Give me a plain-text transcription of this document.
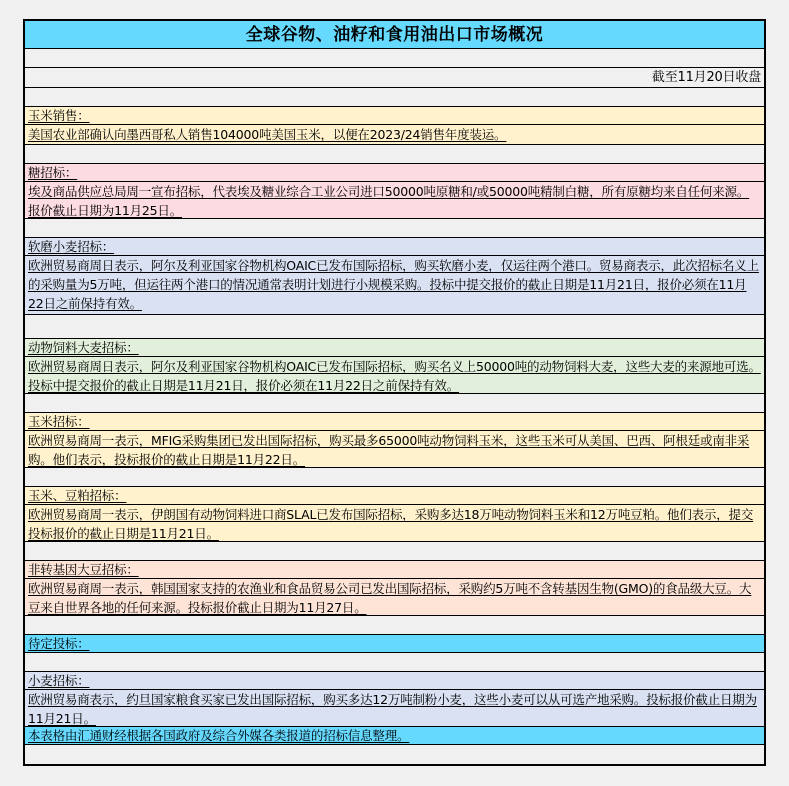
全球谷物、油籽和食用油出口市场概况
截至11月20日收盘
玉米销售：
美国农业部确认向墨西哥私人销售104000吨美国玉米，以便在2023/24销售年度装运。
糖招标：
埃及商品供应总局周一宣布招标，代表埃及糖业综合工业公司进口50000吨原糖和/或50000吨精制白糖，所有原糖均来自任何来源。报价截止日期为11月25日。
软磨小麦招标：
欧洲贸易商周日表示，阿尔及利亚国家谷物机构OAIC已发布国际招标，购买软磨小麦，仅运往两个港口。贸易商表示，此次招标名义上的采购量为5万吨，但运往两个港口的情况通常表明计划进行小规模采购。投标中提交报价的截止日期是11月21日，报价必须在11月22日之前保持有效。
动物饲料大麦招标：
欧洲贸易商周日表示，阿尔及利亚国家谷物机构OAIC已发布国际招标，购买名义上50000吨的动物饲料大麦，这些大麦的来源地可选。投标中提交报价的截止日期是11月21日，报价必须在11月22日之前保持有效。
玉米招标：
欧洲贸易商周一表示，MFIG采购集团已发出国际招标，购买最多65000吨动物饲料玉米，这些玉米可从美国、巴西、阿根廷或南非采购。他们表示，投标报价的截止日期是11月22日。
玉米、豆粕招标：
欧洲贸易商周一表示，伊朗国有动物饲料进口商SLAL已发布国际招标，采购多达18万吨动物饲料玉米和12万吨豆粕。他们表示，提交投标报价的截止日期是11月21日。
非转基因大豆招标：
欧洲贸易商周一表示，韩国国家支持的农渔业和食品贸易公司已发出国际招标，采购约5万吨不含转基因生物(GMO)的食品级大豆。大豆来自世界各地的任何来源。投标报价截止日期为11月27日。
待定投标：
小麦招标：
欧洲贸易商表示，约旦国家粮食买家已发出国际招标，购买多达12万吨制粉小麦，这些小麦可以从可选产地采购。投标报价截止日期为11月21日。
本表格由汇通财经根据各国政府及综合外媒各类报道的招标信息整理。
